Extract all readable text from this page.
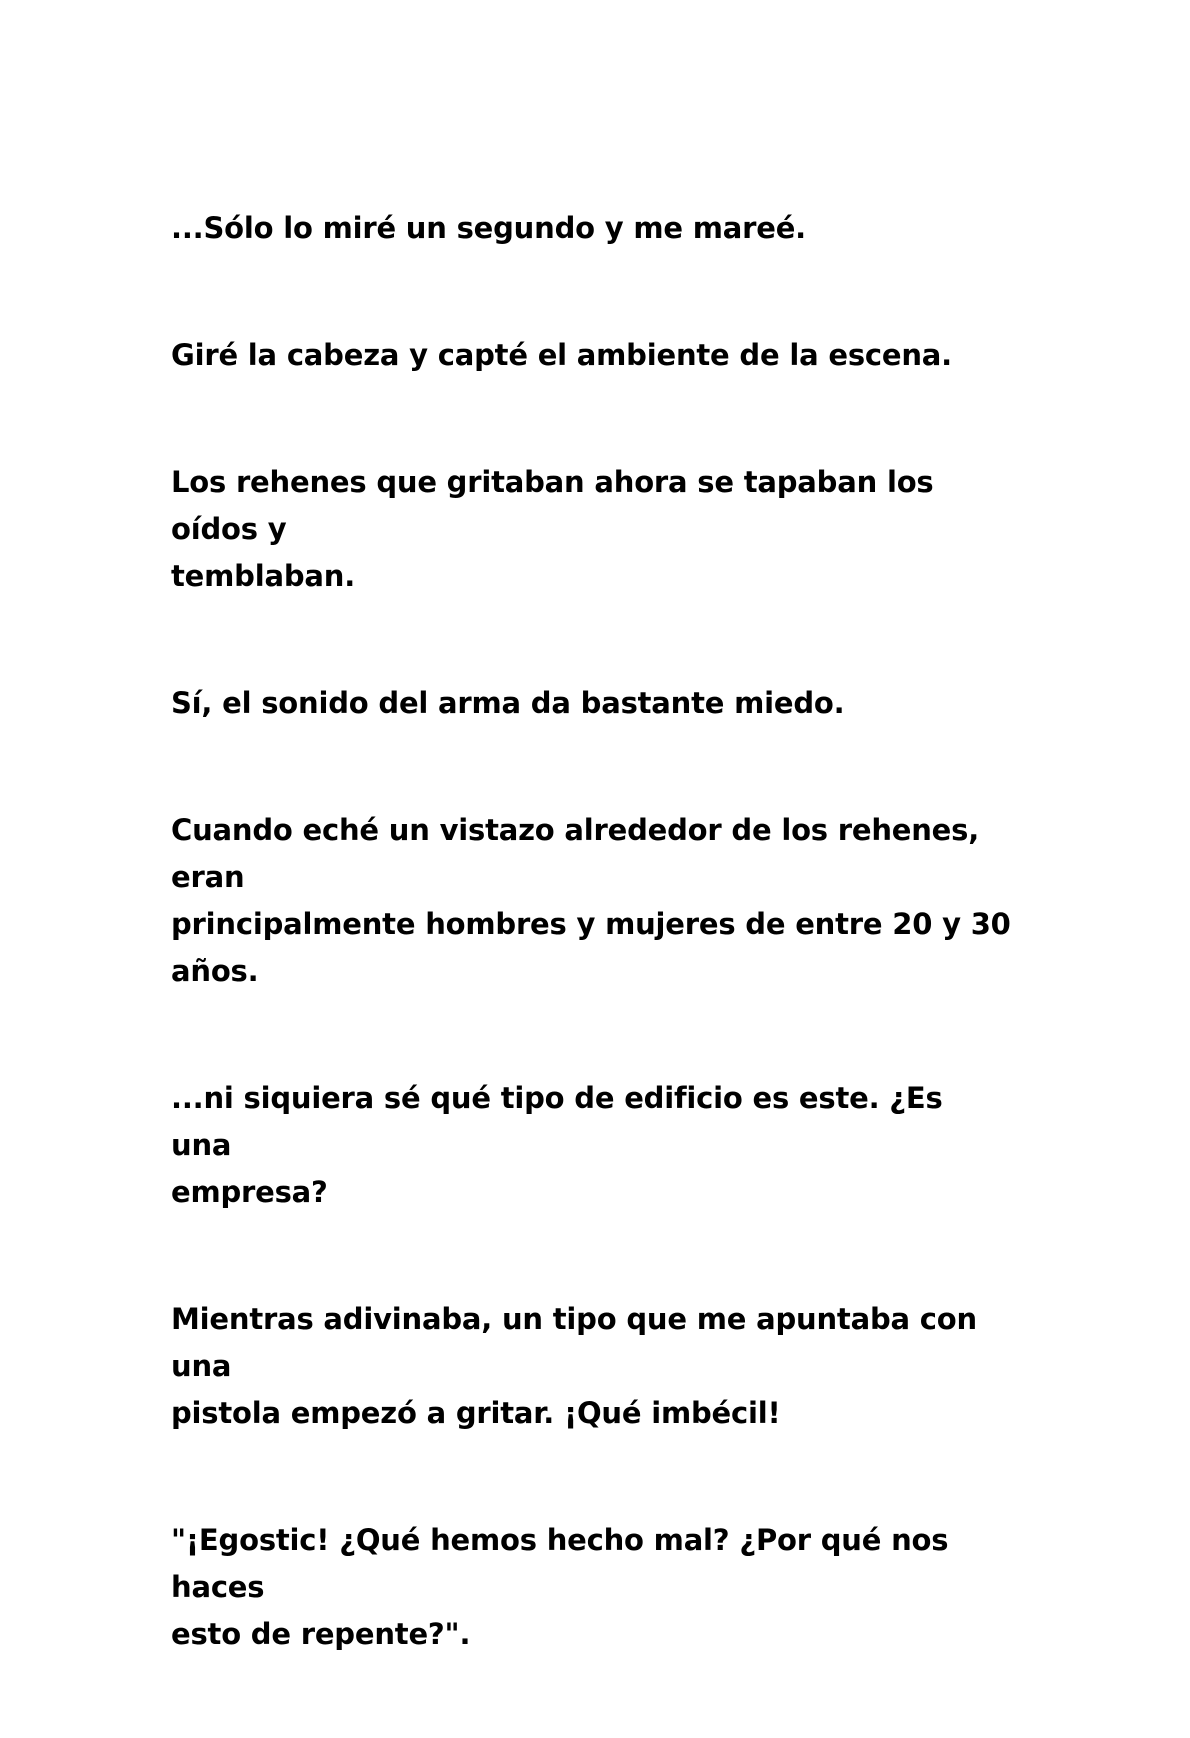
...Sólo lo miré un segundo y me mareé.

Giré la cabeza y capté el ambiente de la escena.

Los rehenes que gritaban ahora se tapaban los oídos y
temblaban.

Sí, el sonido del arma da bastante miedo.

Cuando eché un vistazo alrededor de los rehenes, eran
principalmente hombres y mujeres de entre 20 y 30
años.

...ni siquiera sé qué tipo de edificio es este. ¿Es una
empresa?

Mientras adivinaba, un tipo que me apuntaba con una
pistola empezó a gritar. ¡Qué imbécil!

"¡Egostic! ¿Qué hemos hecho mal? ¿Por qué nos haces
esto de repente?".
